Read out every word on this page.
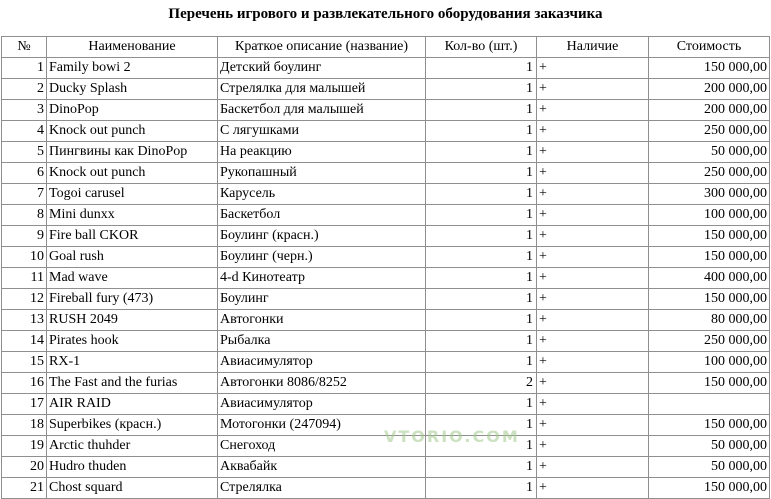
Перечень игрового и развлекательного оборудования заказчика
№	Наименование	Краткое описание (название)	Кол-во (шт.)	Наличие	Стоимость
1	Family bowi 2	Детский боулинг	1	+	150 000,00
2	Ducky Splash	Стрелялка для малышей	1	+	200 000,00
3	DinoPop	Баскетбол для малышей	1	+	200 000,00
4	Knock out punch	С лягушками	1	+	250 000,00
5	Пингвины как DinoPop	На реакцию	1	+	50 000,00
6	Knock out punch	Рукопашный	1	+	250 000,00
7	Togoi carusel	Карусель	1	+	300 000,00
8	Mini dunxx	Баскетбол	1	+	100 000,00
9	Fire ball CKOR	Боулинг (красн.)	1	+	150 000,00
10	Goal rush	Боулинг (черн.)	1	+	150 000,00
11	Mad wave	4-d Кинотеатр	1	+	400 000,00
12	Fireball fury (473)	Боулинг	1	+	150 000,00
13	RUSH 2049	Автогонки	1	+	80 000,00
14	Pirates hook	Рыбалка	1	+	250 000,00
15	RX-1	Авиасимулятор	1	+	100 000,00
16	The Fast and the furias	Автогонки 8086/8252	2	+	150 000,00
17	AIR RAID	Авиасимулятор	1	+	
18	Superbikes (красн.)	Мотогонки (247094)	1	+	150 000,00
19	Arctic thuhder	Снегоход	1	+	50 000,00
20	Hudro thuden	Аквабайк	1	+	50 000,00
21	Chost squard	Стрелялка	1	+	150 000,00
VTORIO.COM
